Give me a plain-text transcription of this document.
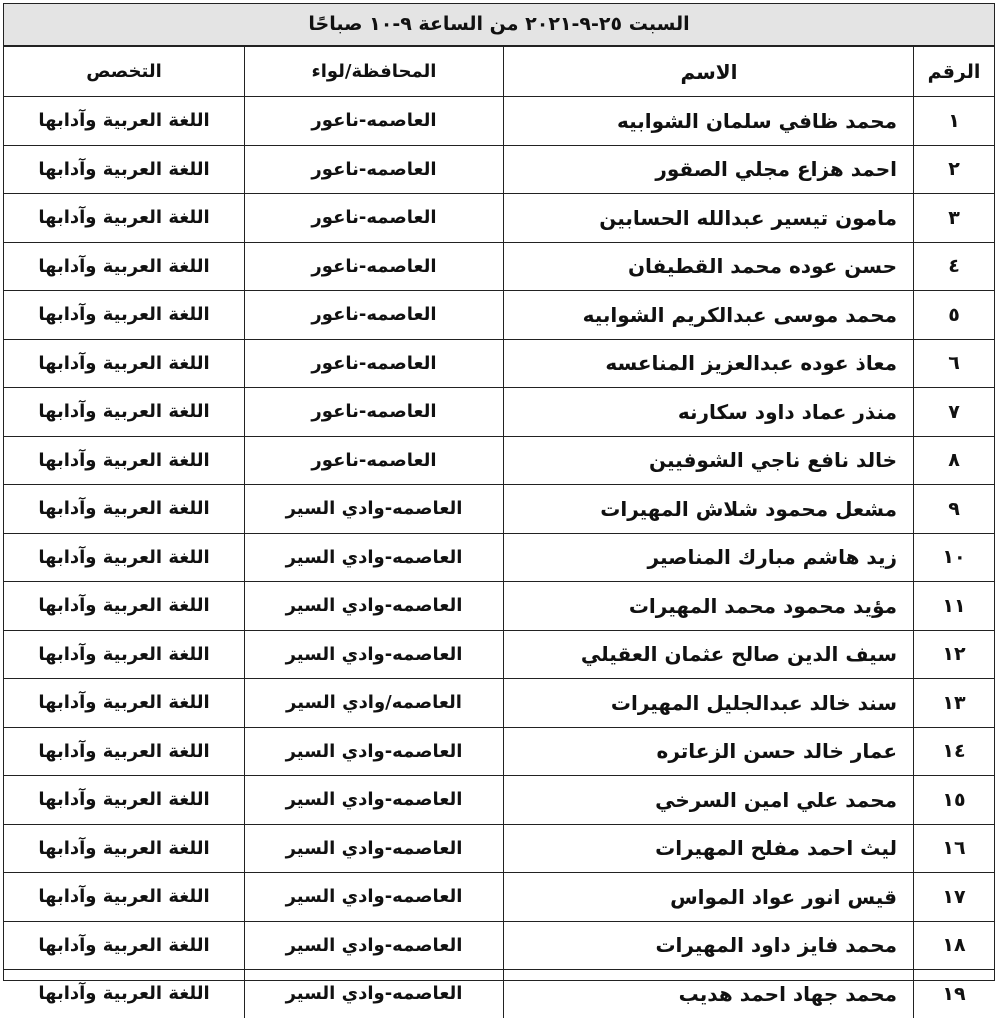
السبت ٢٥-٩-٢٠٢١ من الساعة ٩-١٠ صباحًا
الرقم	الاسم	المحافظة/لواء	التخصص
١	محمد ظافي سلمان الشوابيه	العاصمه-ناعور	اللغة العربية وآدابها
٢	احمد هزاع مجلي الصقور	العاصمه-ناعور	اللغة العربية وآدابها
٣	مامون تيسير عبدالله الحسابين	العاصمه-ناعور	اللغة العربية وآدابها
٤	حسن عوده محمد القطيفان	العاصمه-ناعور	اللغة العربية وآدابها
٥	محمد موسى عبدالكريم الشوابيه	العاصمه-ناعور	اللغة العربية وآدابها
٦	معاذ عوده عبدالعزيز المناعسه	العاصمه-ناعور	اللغة العربية وآدابها
٧	منذر عماد داود سكارنه	العاصمه-ناعور	اللغة العربية وآدابها
٨	خالد نافع ناجي الشوفيين	العاصمه-ناعور	اللغة العربية وآدابها
٩	مشعل محمود شلاش المهيرات	العاصمه-وادي السير	اللغة العربية وآدابها
١٠	زيد هاشم مبارك المناصير	العاصمه-وادي السير	اللغة العربية وآدابها
١١	مؤيد محمود محمد المهيرات	العاصمه-وادي السير	اللغة العربية وآدابها
١٢	سيف الدين صالح عثمان العقيلي	العاصمه-وادي السير	اللغة العربية وآدابها
١٣	سند خالد عبدالجليل المهيرات	العاصمه/وادي السير	اللغة العربية وآدابها
١٤	عمار خالد حسن الزعاتره	العاصمه-وادي السير	اللغة العربية وآدابها
١٥	محمد علي امين السرخي	العاصمه-وادي السير	اللغة العربية وآدابها
١٦	ليث احمد مفلح المهيرات	العاصمه-وادي السير	اللغة العربية وآدابها
١٧	قيس انور عواد المواس	العاصمه-وادي السير	اللغة العربية وآدابها
١٨	محمد فايز داود المهيرات	العاصمه-وادي السير	اللغة العربية وآدابها
١٩	محمد جهاد احمد هديب	العاصمه-وادي السير	اللغة العربية وآدابها
